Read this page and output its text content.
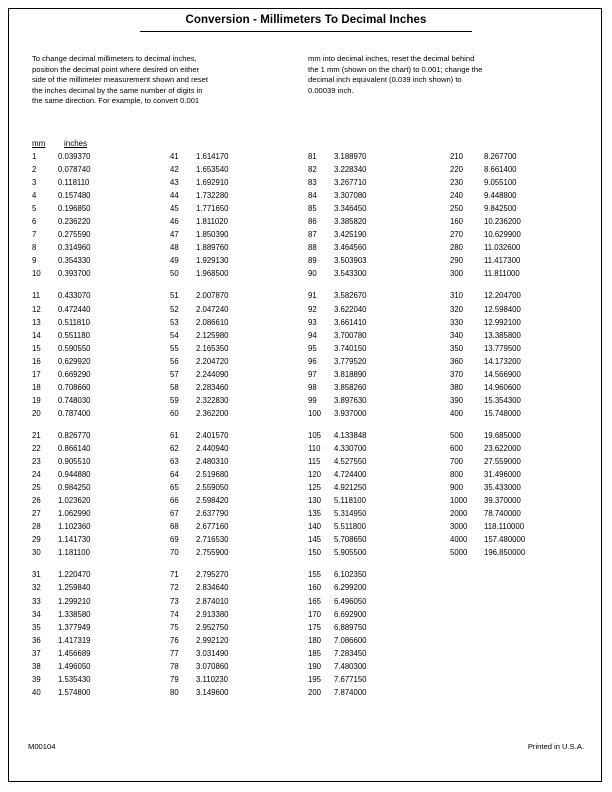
Conversion - Millimeters To Decimal Inches
To change decimal millimeters to decimal inches,
position the decimal point where desired on either
side of the millimeter measurement shown and reset
the inches decimal by the same number of digits in
the same direction. For example, to convert 0.001
mm into decimal inches, reset the decimal behind
the 1 mm (shown on the chart) to 0.001; change the
decimal inch equivalent (0.039 inch shown) to
0.00039 inch.
mm inches
1	0.039370
2	0.078740
3	0.118110
4	0.157480
5	0.196850
6	0.236220
7	0.275590
8	0.314960
9	0.354330
10 0.393700
11 0.433070
12 0.472440
13 0.511810
14 0.551180
15 0.590550
16 0.629920
17 0.669290
18 0.708660
19 0.748030
20 0.787400
21 0.826770
22 0.866140
23 0.905510
24 0.944880
25 0.984250
26 1.023620
27 1.062990
28 1.102360
29 1.141730
30 1.181100
31 1.220470
32 1.259840
33 1.299210
34 1.338580
35 1.377949
36 1.417319
37 1.456689
38 1.496050
39 1.535430
40 1.574800
41 1.614170
42 1.653540
43 1.692910
44 1.732280
45 1.771650
46 1.811020
47 1.850390
48 1.889760
49 1.929130
50 1.968500
51 2.007870
52 2.047240
53 2.086610
54 2.125980
55 2.165350
56 2.204720
57 2.244090
58 2.283460
59 2.322830
60 2.362200
61 2.401570
62 2.440940
63 2.480310
64 2.519680
65 2.559050
66 2.598420
67 2.637790
68 2.677160
69 2.716530
70 2.755900
71 2.795270
72 2.834640
73 2.874010
74 2.913380
75 2.952750
76 2.992120
77 3.031490
78 3.070860
79 3.110230
80 3.149600
81 3.188970
82 3.228340
83 3.267710
84 3.307080
85 3.346450
86 3.385820
87 3.425190
88 3.464560
89 3.503903
90 3.543300
91 3.582670
92 3.622040
93 3.661410
94 3.700780
95 3.740150
96 3.779520
97 3.818890
98 3.858260
99 3.897630
100 3.937000
105 4.133848
110 4.330700
115 4.527550
120 4.724400
125 4.921250
130 5.118100
135 5.314950
140 5.511800
145 5.708650
150 5.905500
155 6.102350
160 6.299200
165 6.496050
170 6.692900
175 6.889750
180 7.086600
185 7.283450
190 7.480300
195 7.677150
200 7.874000
210	8.267700
220	8.661400
230	9.055100
240	9.448800
250	9.842500
160	10.236200
270	10.629900
280	11.032600
290	11.417300
300	11.811000
310	12.204700
320	12.598400
330	12.992100
340	13.385800
350	13.779500
360	14.173200
370	14.566900
380	14.960600
390	15.354300
400	15.748000
500	19.685000
600	23.622000
700	27.559000
800	31.496000
900	35.433000
1000 39.370000
2000 78.740000
3000 118.110000
4000 157.480000
5000 196.850000
M00104	Printed in U.S.A.
